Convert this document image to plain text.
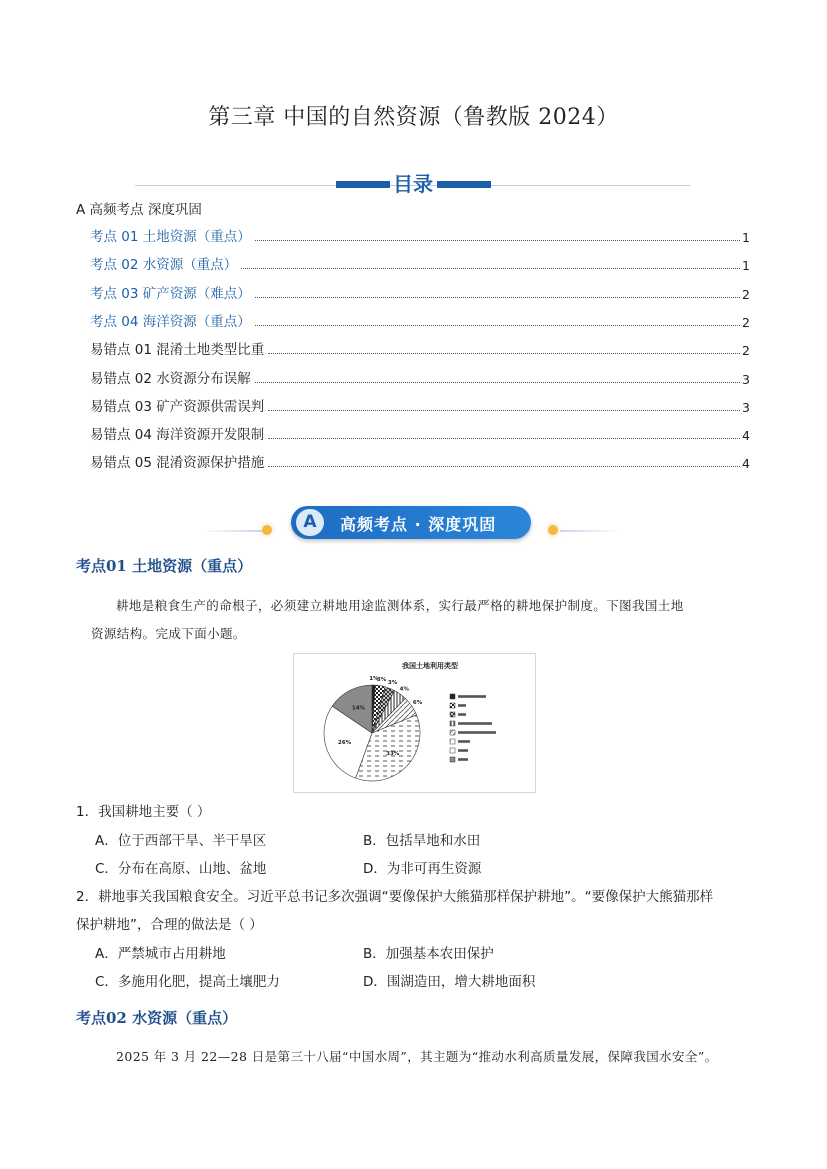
第三章 中国的自然资源（鲁教版 2024）
目录
A 高频考点 深度巩固
考点 01 土地资源（重点）	1
考点 02 水资源（重点）	1
考点 03 矿产资源（难点）	2
考点 04 海洋资源（重点）	2
易错点 01 混淆土地类型比重	2
易错点 02 水资源分布误解	3
易错点 03 矿产资源供需误判	3
易错点 04 海洋资源开发限制	4
易错点 05 混淆资源保护措施	4
A	高频考点 · 深度巩固
考点01 土地资源（重点）
耕地是粮食生产的命根子，必须建立耕地用途监测体系，实行最严格的耕地保护制度。下图我国土地
资源结构。完成下面小题。
我国土地利用类型
1%
3%
3%
4%
6%
33%
26%
14%
1．我国耕地主要（ ）
A．位于西部干旱、半干旱区	B．包括旱地和水田
C．分布在高原、山地、盆地	D．为非可再生资源
2．耕地事关我国粮食安全。习近平总书记多次强调“要像保护大熊猫那样保护耕地”。“要像保护大熊猫那样
保护耕地”，合理的做法是（ ）
A．严禁城市占用耕地	B．加强基本农田保护
C．多施用化肥，提高土壤肥力	D．围湖造田，增大耕地面积
考点02 水资源（重点）
2025 年 3 月 22—28 日是第三十八届“中国水周”，其主题为“推动水利高质量发展，保障我国水安全”。
